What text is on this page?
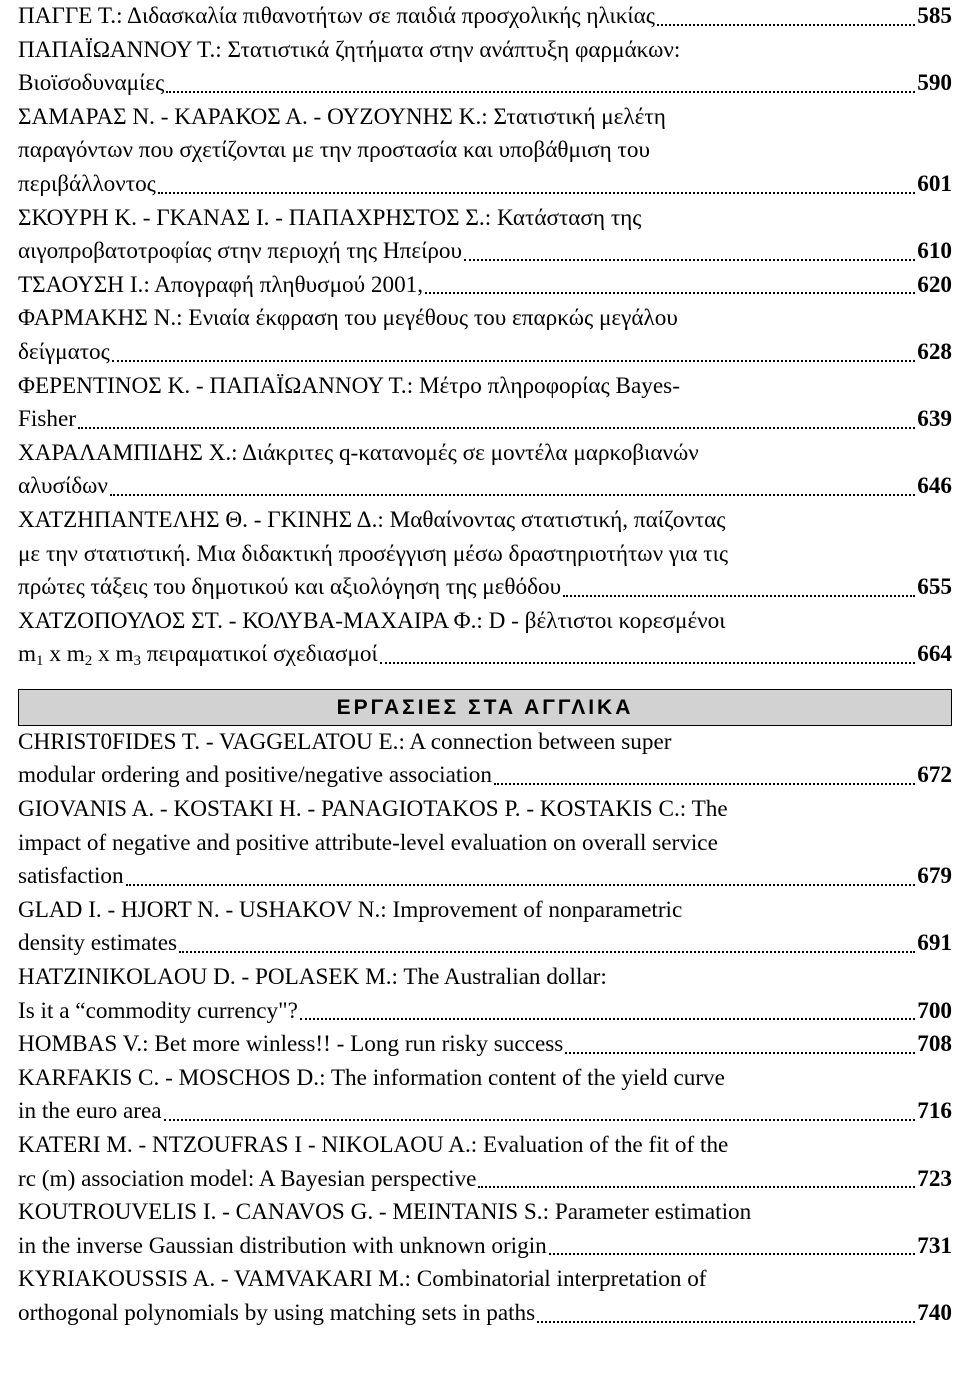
ΠΑΓΓΕ Τ.: Διδασκαλία πιθανοτήτων σε παιδιά προσχολικής ηλικίας	585
ΠΑΠΑΪΩΑΝΝΟΥ Τ.: Στατιστικά ζητήματα στην ανάπτυξη φαρμάκων:
Βιοϊσοδυναμίες	590
ΣΑΜΑΡΑΣ Ν. - ΚΑΡΑΚΟΣ Α. - ΟΥΖΟΥΝΗΣ Κ.: Στατιστική μελέτη
παραγόντων που σχετίζονται με την προστασία και υποβάθμιση του
περιβάλλοντος	601
ΣΚΟΥΡΗ Κ. - ΓΚΑΝΑΣ Ι. - ΠΑΠΑΧΡΗΣΤΟΣ Σ.: Κατάσταση της
αιγοπροβατοτροφίας στην περιοχή της Ηπείρου	610
ΤΣΑΟΥΣΗ Ι.: Απογραφή πληθυσμού 2001,	620
ΦΑΡΜΑΚΗΣ Ν.: Ενιαία έκφραση του μεγέθους του επαρκώς μεγάλου
δείγματος	628
ΦΕΡΕΝΤΙΝΟΣ Κ. - ΠΑΠΑΪΩΑΝΝΟΥ Τ.: Μέτρο πληροφορίας Bayes-
Fisher	639
ΧΑΡΑΛΑΜΠΙΔΗΣ Χ.: Διάκριτες q-κατανομές σε μοντέλα μαρκοβιανών
αλυσίδων	646
ΧΑΤΖΗΠΑΝΤΕΛΗΣ Θ. - ΓΚΙΝΗΣ Δ.: Μαθαίνοντας στατιστική, παίζοντας
με την στατιστική. Μια διδακτική προσέγγιση μέσω δραστηριοτήτων για τις
πρώτες τάξεις του δημοτικού και αξιολόγηση της μεθόδου	655
ΧΑΤΖΟΠΟΥΛΟΣ ΣΤ. - ΚΟΛΥΒΑ-ΜΑΧΑΙΡΑ Φ.: D - βέλτιστοι κορεσμένοι
$m_1$ x $m_2$ x $m_3$ πειραματικοί σχεδιασμοί	664
ΕΡΓΑΣΙΕΣ ΣΤΑ ΑΓΓΛΙΚΑ
CHRIST0FIDES T. - VAGGELATOU E.: A connection between super
modular ordering and positive/negative association	672
GIOVANIS A. - KOSTAKI H. - PANAGIOTAKOS P. - KOSTAKIS C.: The
impact of negative and positive attribute-level evaluation on overall service
satisfaction	679
GLAD I. - HJORT N. - USHAKOV N.: Improvement of nonparametric
density estimates	691
HATZINIKOLAOU D. - POLASEK M.: The Australian dollar:
Is it a “commodity currency"?	700
HOMBAS V.: Bet more winless!! - Long run risky success	708
KARFAKIS C. - MOSCHOS D.: The information content of the yield curve
in the euro area	716
KATERI M. - NTZOUFRAS I - NIKOLAOU A.: Evaluation of the fit of the
rc (m) association model: A Bayesian perspective	723
KOUTROUVELIS I. - CANAVOS G. - MEINTANIS S.: Parameter estimation
in the inverse Gaussian distribution with unknown origin	731
KYRIAKOUSSIS A. - VAMVAKARI M.: Combinatorial interpretation of
orthogonal polynomials by using matching sets in paths	740
